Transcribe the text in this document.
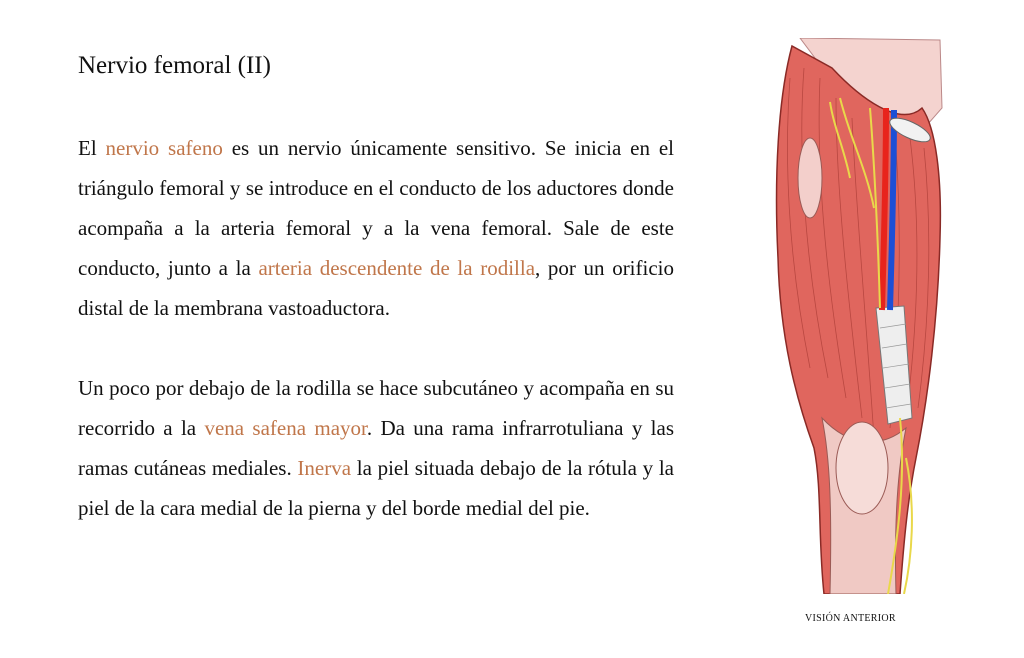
Nervio femoral (II)

El nervio safeno es un nervio únicamente sensitivo. Se inicia en el triángulo femoral y se introduce en el conducto de los aductores donde acompaña a la arteria femoral y a la vena femoral. Sale de este conducto, junto a la arteria descendente de la rodilla, por un orificio distal de la membrana vastoaductora.

Un poco por debajo de la rodilla se hace subcutáneo y acompaña en su recorrido a la vena safena mayor. Da una rama infrarrotuliana y las ramas cutáneas mediales. Inerva la piel situada debajo de la rótula y la piel de la cara medial de la pierna y del borde medial del pie.

VISIÓN ANTERIOR
